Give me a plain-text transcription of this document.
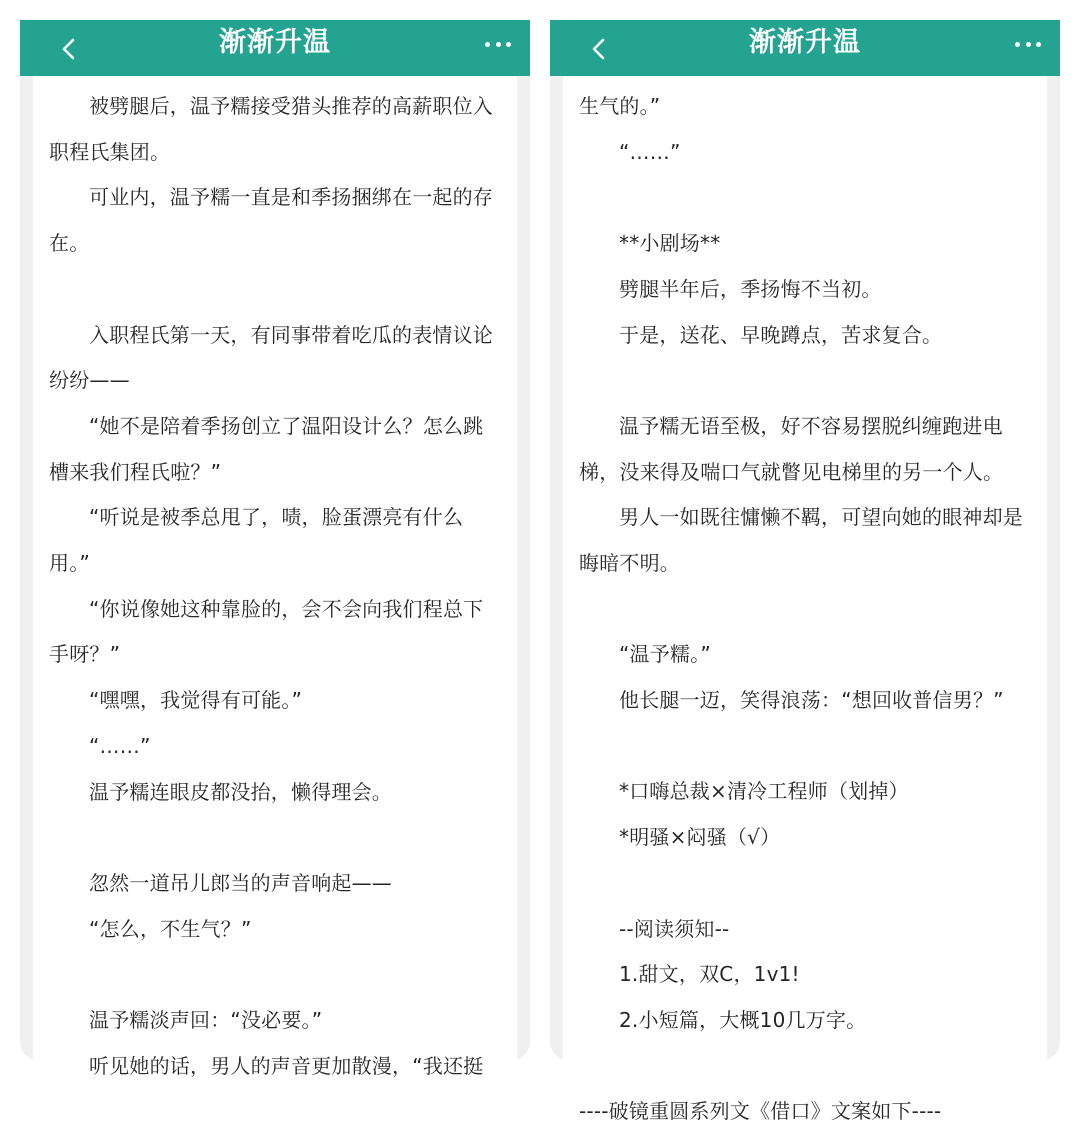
渐渐升温

被劈腿后，温予糯接受猎头推荐的高薪职位入职程氏集团。

可业内，温予糯一直是和季扬捆绑在一起的存在。

入职程氏第一天，有同事带着吃瓜的表情议论纷纷——

“她不是陪着季扬创立了温阳设计么？怎么跳槽来我们程氏啦？”

“听说是被季总甩了，啧，脸蛋漂亮有什么用。”

“你说像她这种靠脸的，会不会向我们程总下手呀？”

“嘿嘿，我觉得有可能。”

“……”

温予糯连眼皮都没抬，懒得理会。

忽然一道吊儿郎当的声音响起——

“怎么，不生气？”

温予糯淡声回：“没必要。”

听见她的话，男人的声音更加散漫，“我还挺

渐渐升温

生气的。”

“……”

**小剧场**

劈腿半年后，季扬悔不当初。

于是，送花、早晚蹲点，苦求复合。

温予糯无语至极，好不容易摆脱纠缠跑进电梯，没来得及喘口气就瞥见电梯里的另一个人。

男人一如既往慵懒不羁，可望向她的眼神却是晦暗不明。

“温予糯。”

他长腿一迈，笑得浪荡：“想回收普信男？”

*口嗨总裁×清冷工程师（划掉）

*明骚×闷骚（√）

--阅读须知--

1.甜文，双C，1v1!

2.小短篇，大概10几万字。

----破镜重圆系列文《借口》文案如下----
